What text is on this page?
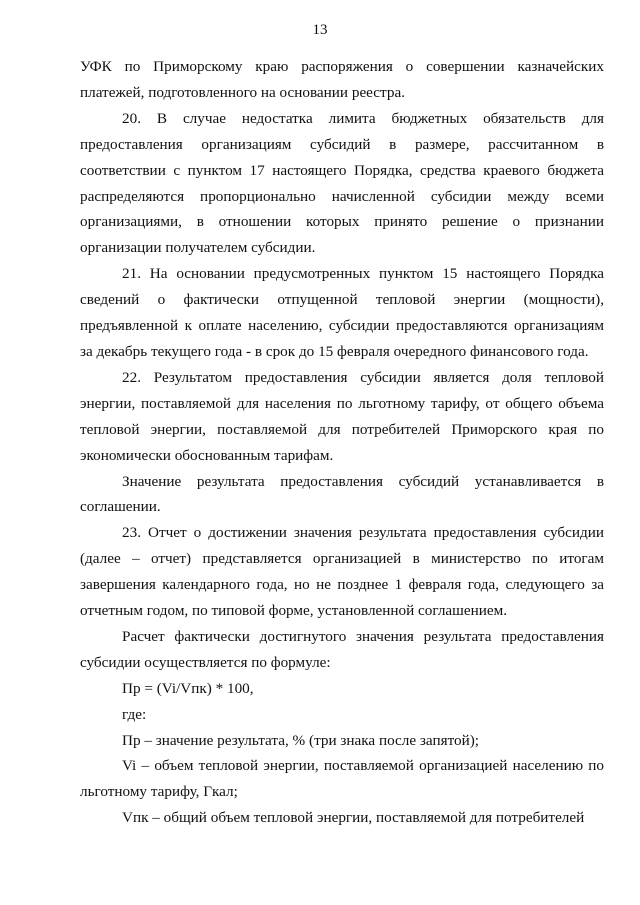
13

УФК по Приморскому краю распоряжения о совершении казначейских платежей, подготовленного на основании реестра.

20. В случае недостатка лимита бюджетных обязательств для предоставления организациям субсидий в размере, рассчитанном в соответствии с пунктом 17 настоящего Порядка, средства краевого бюджета распределяются пропорционально начисленной субсидии между всеми организациями, в отношении которых принято решение о признании организации получателем субсидии.

21. На основании предусмотренных пунктом 15 настоящего Порядка сведений о фактически отпущенной тепловой энергии (мощности), предъявленной к оплате населению, субсидии предоставляются организациям за декабрь текущего года - в срок до 15 февраля очередного финансового года.

22. Результатом предоставления субсидии является доля тепловой энергии, поставляемой для населения по льготному тарифу, от общего объема тепловой энергии, поставляемой для потребителей Приморского края по экономически обоснованным тарифам.

Значение результата предоставления субсидий устанавливается в соглашении.

23. Отчет о достижении значения результата предоставления субсидии (далее – отчет) представляется организацией в министерство по итогам завершения календарного года, но не позднее 1 февраля года, следующего за отчетным годом, по типовой форме, установленной соглашением.

Расчет фактически достигнутого значения результата предоставления субсидии осуществляется по формуле:

Пр = (Vi/Vпк) * 100,

где:

Пр – значение результата, % (три знака после запятой);

Vi – объем тепловой энергии, поставляемой организацией населению по льготному тарифу, Гкал;

Vпк – общий объем тепловой энергии, поставляемой для потребителей
